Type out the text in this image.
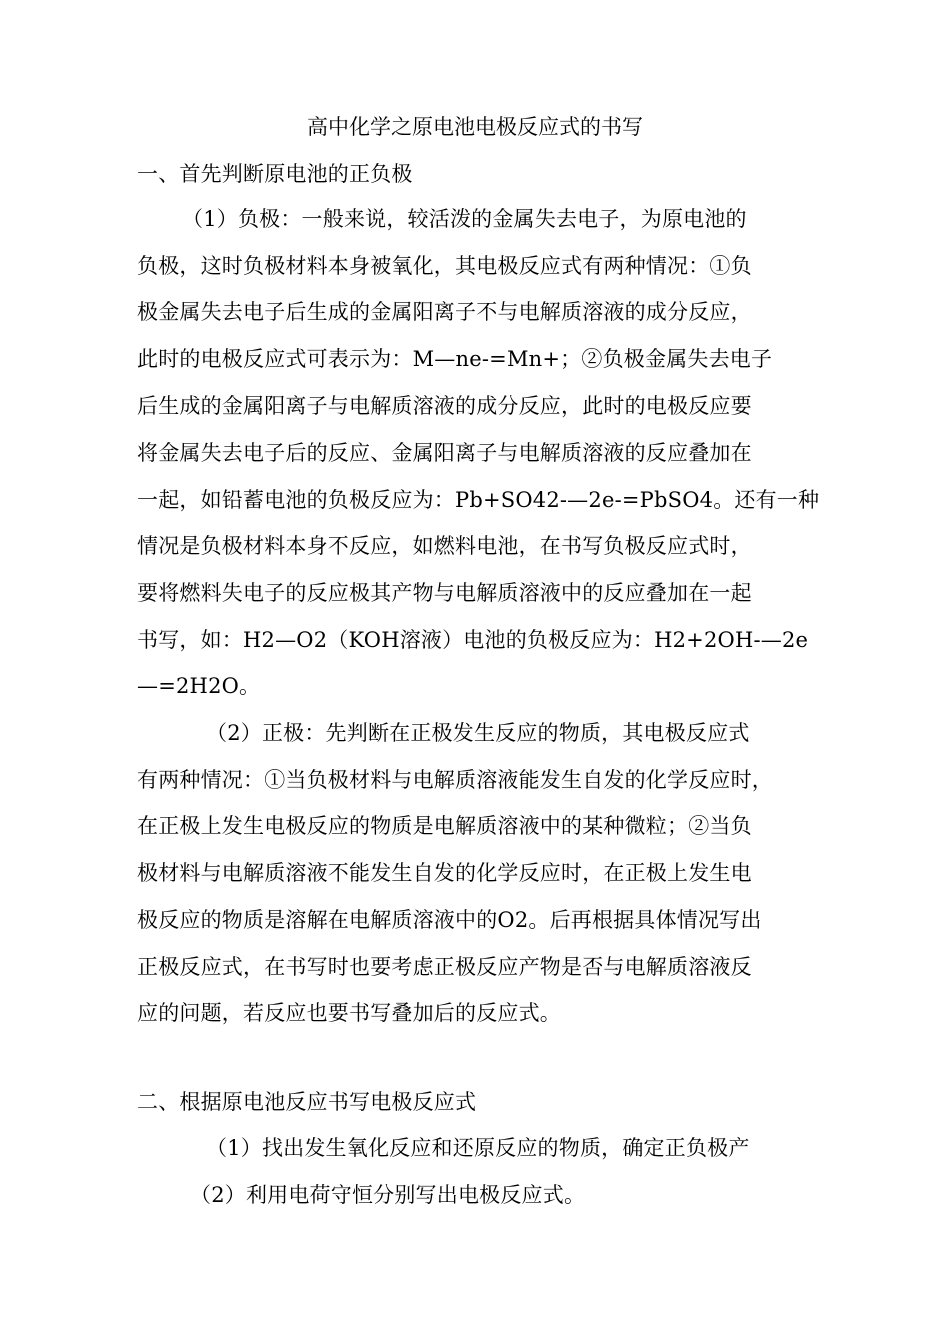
高中化学之原电池电极反应式的书写
一、首先判断原电池的正负极
（1）负极：一般来说，较活泼的金属失去电子，为原电池的
负极，这时负极材料本身被氧化，其电极反应式有两种情况：①负
极金属失去电子后生成的金属阳离子不与电解质溶液的成分反应，
此时的电极反应式可表示为：M—ne-=Mn+；②负极金属失去电子
后生成的金属阳离子与电解质溶液的成分反应，此时的电极反应要
将金属失去电子后的反应、金属阳离子与电解质溶液的反应叠加在
一起，如铅蓄电池的负极反应为：Pb+SO42-—2e-=PbSO4。还有一种
情况是负极材料本身不反应，如燃料电池，在书写负极反应式时，
要将燃料失电子的反应极其产物与电解质溶液中的反应叠加在一起
书写，如：H2—O2（KOH溶液）电池的负极反应为：H2+2OH-—2e
—=2H2O。
（2）正极：先判断在正极发生反应的物质，其电极反应式
有两种情况：①当负极材料与电解质溶液能发生自发的化学反应时，
在正极上发生电极反应的物质是电解质溶液中的某种微粒；②当负
极材料与电解质溶液不能发生自发的化学反应时，在正极上发生电
极反应的物质是溶解在电解质溶液中的O2。后再根据具体情况写出
正极反应式，在书写时也要考虑正极反应产物是否与电解质溶液反
应的问题，若反应也要书写叠加后的反应式。
二、根据原电池反应书写电极反应式
（1）找出发生氧化反应和还原反应的物质，确定正负极产
（2）利用电荷守恒分别写出电极反应式。
